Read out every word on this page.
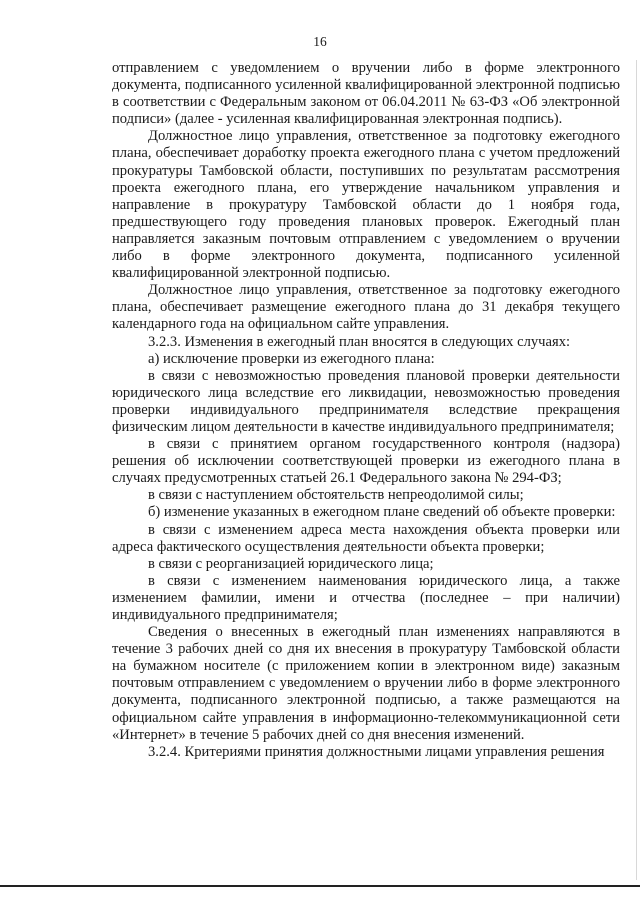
16

отправлением с уведомлением о вручении либо в форме электронного документа, подписанного усиленной квалифицированной электронной подписью в соответствии с Федеральным законом от 06.04.2011 № 63-ФЗ «Об электронной подписи» (далее - усиленная квалифицированная электронная подпись).

Должностное лицо управления, ответственное за подготовку ежегодного плана, обеспечивает доработку проекта ежегодного плана с учетом предложений прокуратуры Тамбовской области, поступивших по результатам рассмотрения проекта ежегодного плана, его утверждение начальником управления и направление в прокуратуру Тамбовской области до 1 ноября года, предшествующего году проведения плановых проверок. Ежегодный план направляется заказным почтовым отправлением с уведомлением о вручении либо в форме электронного документа, подписанного усиленной квалифицированной электронной подписью.

Должностное лицо управления, ответственное за подготовку ежегодного плана, обеспечивает размещение ежегодного плана до 31 декабря текущего календарного года на официальном сайте управления.

3.2.3. Изменения в ежегодный план вносятся в следующих случаях:

а) исключение проверки из ежегодного плана:

в связи с невозможностью проведения плановой проверки деятельности юридического лица вследствие его ликвидации, невозможностью проведения проверки индивидуального предпринимателя вследствие прекращения физическим лицом деятельности в качестве индивидуального предпринимателя;

в связи с принятием органом государственного контроля (надзора) решения об исключении соответствующей проверки из ежегодного плана в случаях предусмотренных статьей 26.1 Федерального закона № 294-ФЗ;

в связи с наступлением обстоятельств непреодолимой силы;

б) изменение указанных в ежегодном плане сведений об объекте проверки:

в связи с изменением адреса места нахождения объекта проверки или адреса фактического осуществления деятельности объекта проверки;

в связи с реорганизацией юридического лица;

в связи с изменением наименования юридического лица, а также изменением фамилии, имени и отчества (последнее – при наличии) индивидуального предпринимателя;

Сведения о внесенных в ежегодный план изменениях направляются в течение 3 рабочих дней со дня их внесения в прокуратуру Тамбовской области на бумажном носителе (с приложением копии в электронном виде) заказным почтовым отправлением с уведомлением о вручении либо в форме электронного документа, подписанного электронной подписью, а также размещаются на официальном сайте управления в информационно-телекоммуникационной сети «Интернет» в течение 5 рабочих дней со дня внесения изменений.

3.2.4. Критериями принятия должностными лицами управления решения
